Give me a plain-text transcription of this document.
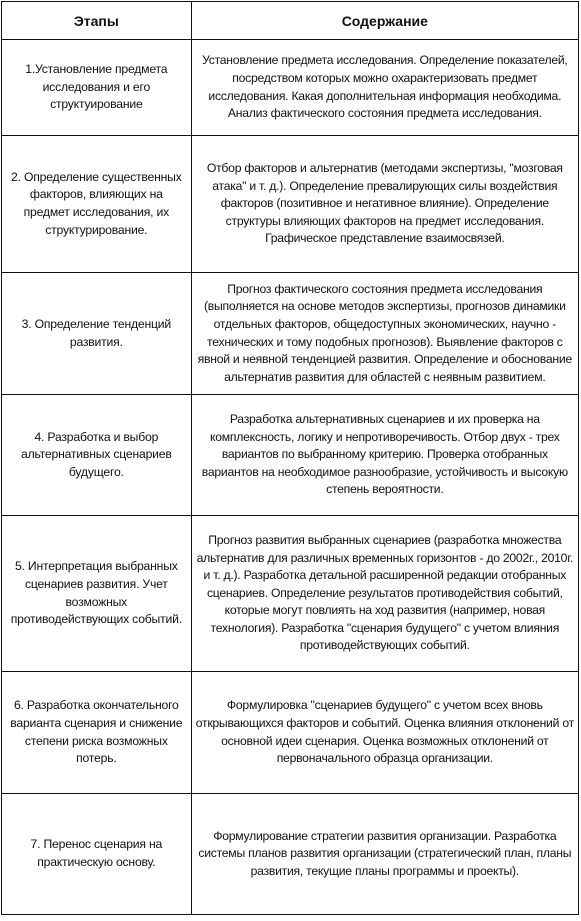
Этапы	Содержание
1.Установление предмета исследования и его структуирование	Установление предмета исследования. Определение показателей, посредством которых можно охарактеризовать предмет исследования. Какая дополнительная информация необходима. Анализ фактического состояния предмета исследования.
2. Определение существенных факторов, влияющих на предмет исследования, их структурирование.	Отбор факторов и альтернатив (методами экспертизы, "мозговая атака" и т. д.). Определение превалирующих силы воздействия факторов (позитивное и негативное влияние). Определение структуры влияющих факторов на предмет исследования. Графическое представление взаимосвязей.
3. Определение тенденций развития.	Прогноз фактического состояния предмета исследования (выполняется на основе методов экспертизы, прогнозов динамики отдельных факторов, общедоступных экономических, научно - технических и тому подобных прогнозов). Выявление факторов с явной и неявной тенденцией развития. Определение и обоснование альтернатив развития для областей с неявным развитием.
4. Разработка и выбор альтернативных сценариев будущего.	Разработка альтернативных сценариев и их проверка на комплексность, логику и непротиворечивость. Отбор двух - трех вариантов по выбранному критерию. Проверка отобранных вариантов на необходимое разнообразие, устойчивость и высокую степень вероятности.
5. Интерпретация выбранных сценариев развития. Учет возможных противодействующих событий.	Прогноз развития выбранных сценариев (разработка множества альтернатив для различных временных горизонтов - до 2002г., 2010г. и т. д.). Разработка детальной расширенной редакции отобранных сценариев. Определение результатов противодействия событий, которые могут повлиять на ход развития (например, новая технология). Разработка "сценария будущего" с учетом влияния противодействующих событий.
6. Разработка окончательного варианта сценария и снижение степени риска возможных потерь.	Формулировка "сценариев будущего" с учетом всех вновь открывающихся факторов и событий. Оценка влияния отклонений от основной идеи сценария. Оценка возможных отклонений от первоначального образца организации.
7. Перенос сценария на практическую основу.	Формулирование стратегии развития организации. Разработка системы планов развития организации (стратегический план, планы развития, текущие планы программы и проекты).
